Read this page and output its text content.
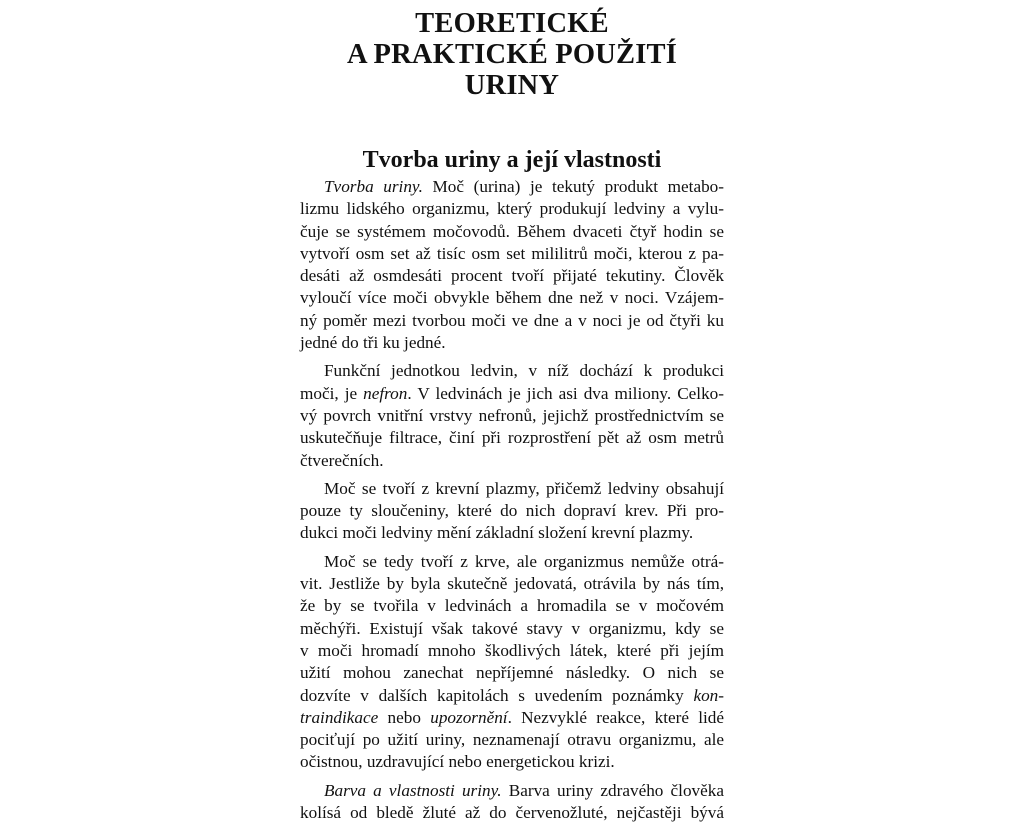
TEORETICKÉ
A PRAKTICKÉ POUŽITÍ
URINY
Tvorba uriny a její vlastnosti
Tvorba uriny. Moč (urina) je tekutý produkt metabo-
lizmu lidského organizmu, který produkují ledviny a vylu-
čuje se systémem močovodů. Během dvaceti čtyř hodin se
vytvoří osm set až tisíc osm set mililitrů moči, kterou z pa-
desáti až osmdesáti procent tvoří přijaté tekutiny. Člověk
vyloučí více moči obvykle během dne než v noci. Vzájem-
ný poměr mezi tvorbou moči ve dne a v noci je od čtyři ku
jedné do tři ku jedné.
Funkční jednotkou ledvin, v níž dochází k produkci
moči, je nefron. V ledvinách je jich asi dva miliony. Celko-
vý povrch vnitřní vrstvy nefronů, jejichž prostřednictvím se
uskutečňuje filtrace, činí při rozprostření pět až osm metrů
čtverečních.
Moč se tvoří z krevní plazmy, přičemž ledviny obsahují
pouze ty sloučeniny, které do nich dopraví krev. Při pro-
dukci moči ledviny mění základní složení krevní plazmy.
Moč se tedy tvoří z krve, ale organizmus nemůže otrá-
vit. Jestliže by byla skutečně jedovatá, otrávila by nás tím,
že by se tvořila v ledvinách a hromadila se v močovém
měchýři. Existují však takové stavy v organizmu, kdy se
v moči hromadí mnoho škodlivých látek, které při jejím
užití mohou zanechat nepříjemné následky. O nich se
dozvíte v dalších kapitolách s uvedením poznámky kon-
traindikace nebo upozornění. Nezvyklé reakce, které lidé
pociťují po užití uriny, neznamenají otravu organizmu, ale
očistnou, uzdravující nebo energetickou krizi.
Barva a vlastnosti uriny. Barva uriny zdravého člověka
kolísá od bledě žluté až do červenožluté, nejčastěji bývá
